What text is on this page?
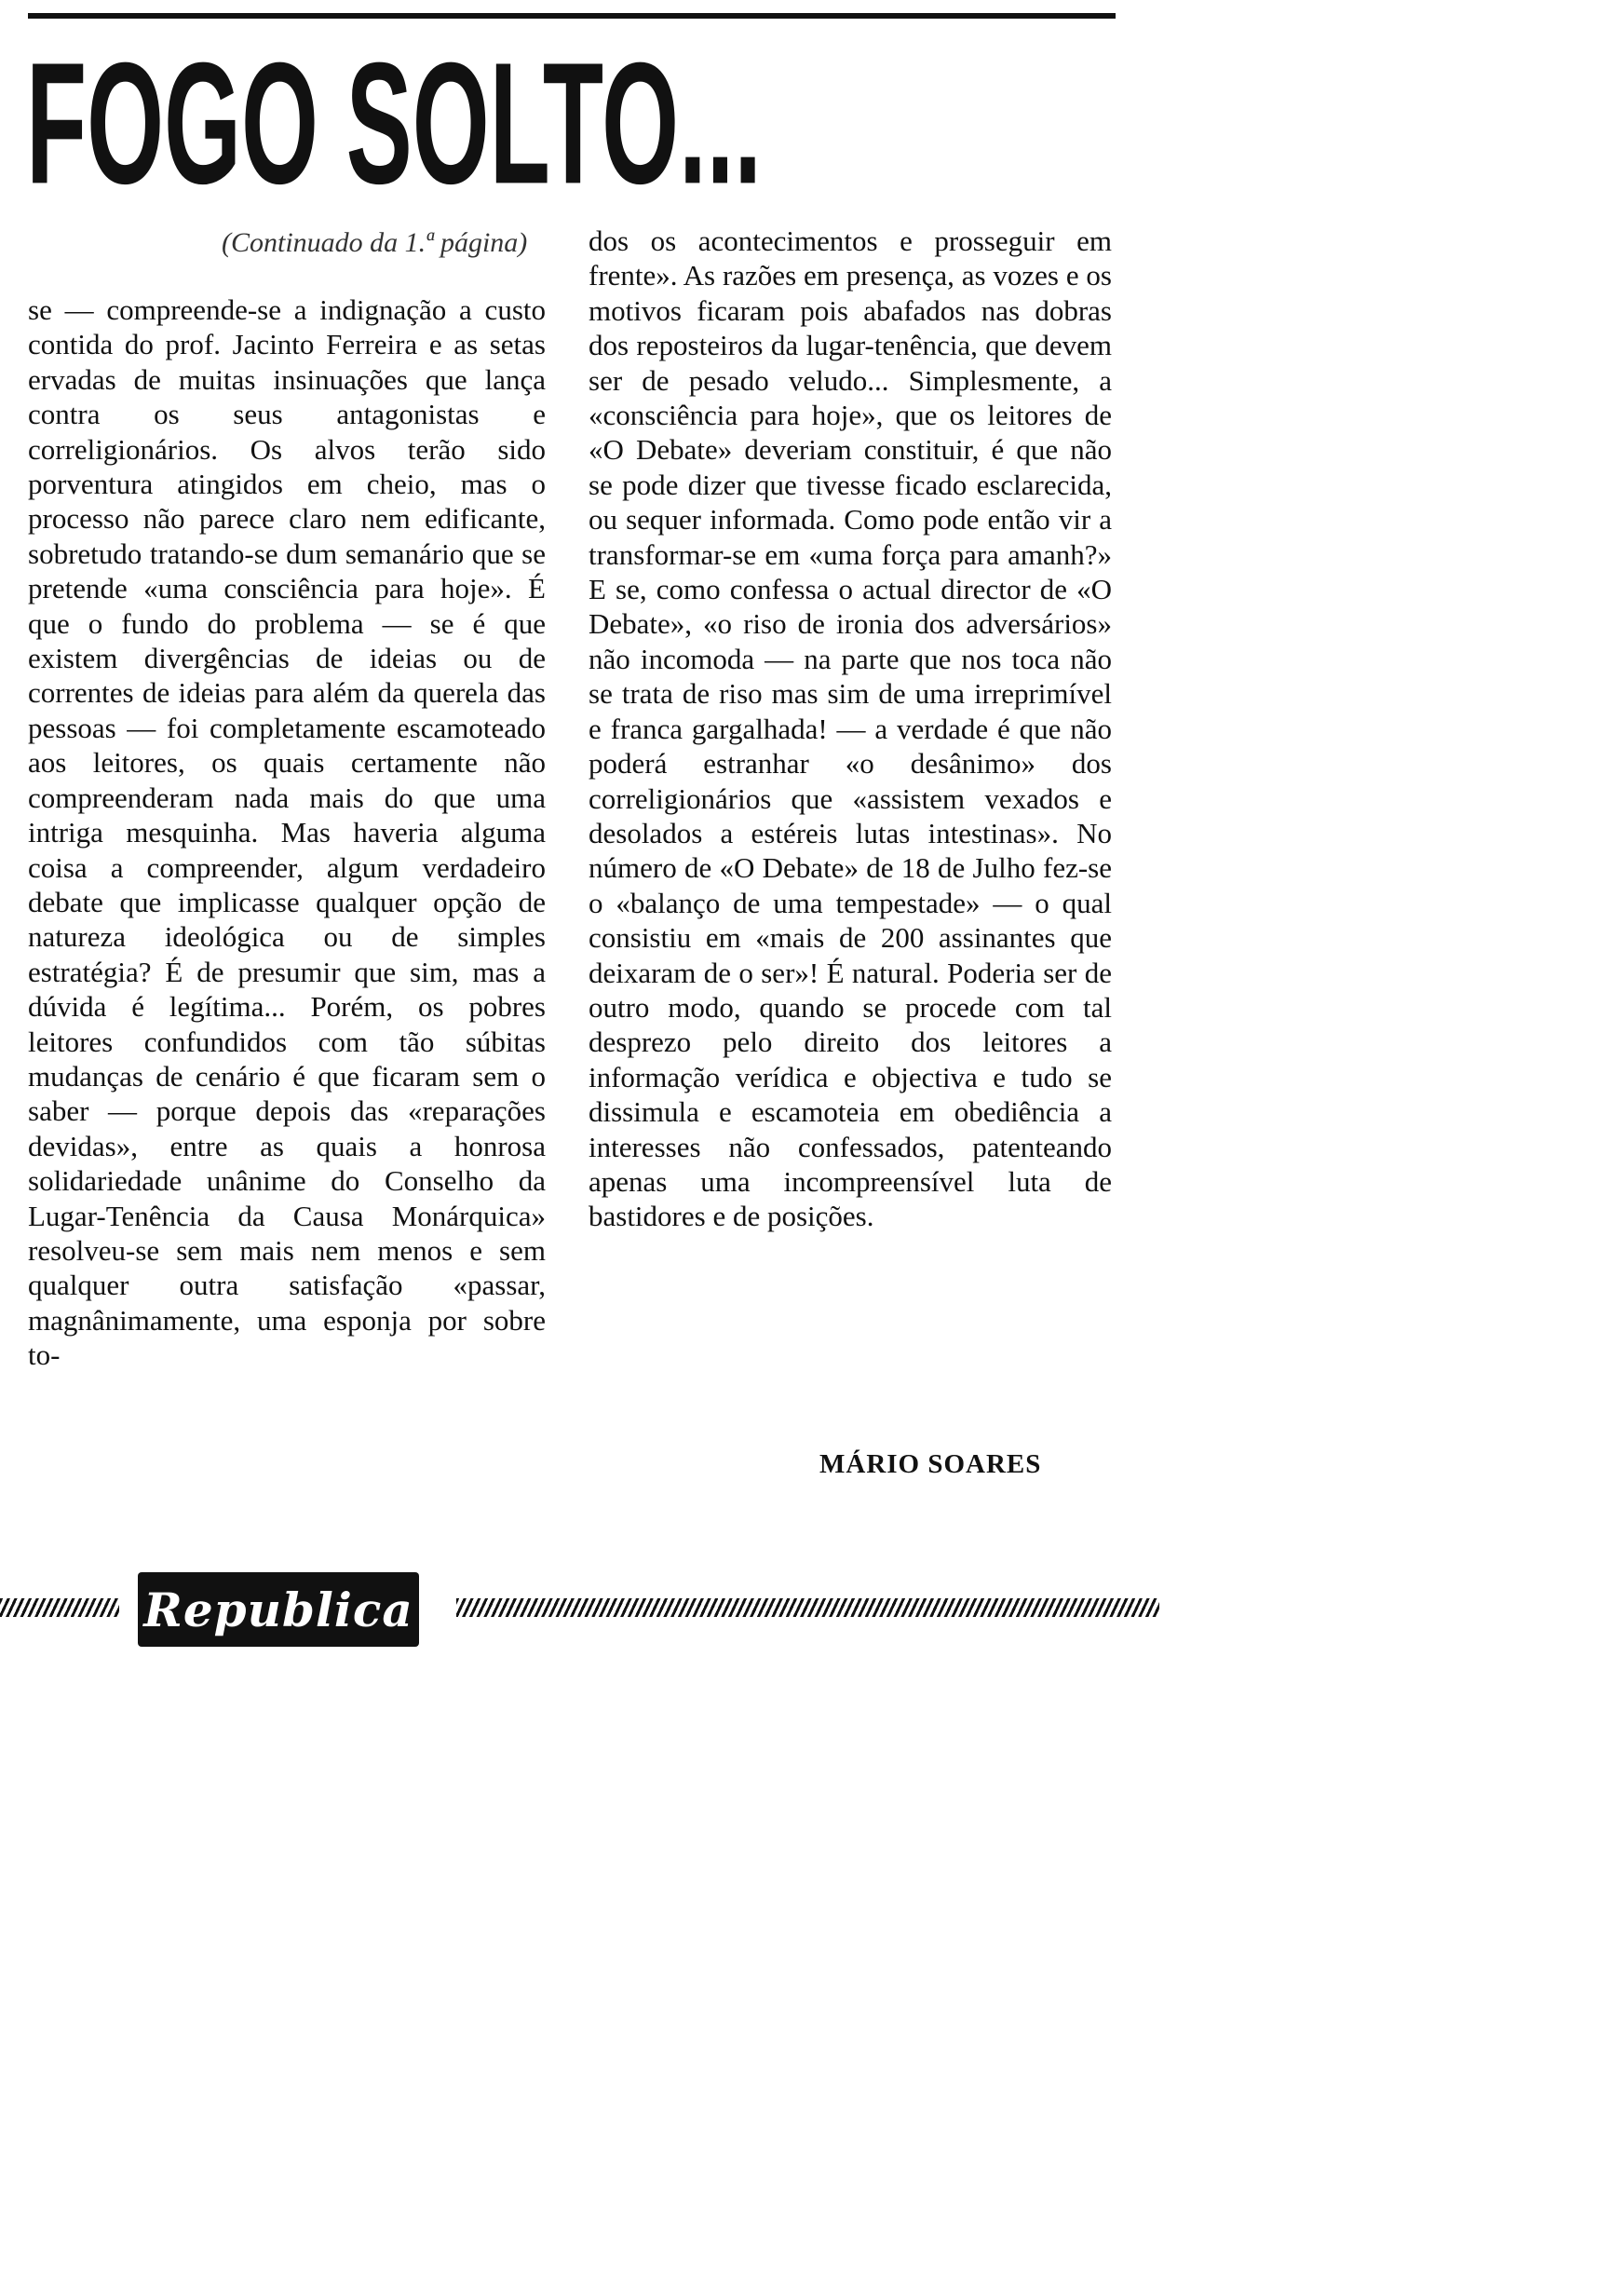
FOGO SOLTO...
(Continuado da 1.ª página)

se — compreende-se a indignação a custo contida do prof. Jacinto Ferreira e as setas ervadas de muitas insinuações que lança contra os seus antagonistas e correligionários. Os alvos terão sido porventura atingidos em cheio, mas o processo não parece claro nem edificante, sobretudo tratando-se dum semanário que se pretende «uma consciência para hoje». É que o fundo do problema — se é que existem divergências de ideias ou de correntes de ideias para além da querela das pessoas — foi completamente escamoteado aos leitores, os quais certamente não compreenderam nada mais do que uma intriga mesquinha. Mas haveria alguma coisa a compreender, algum verdadeiro debate que implicasse qualquer opção de natureza ideológica ou de simples estratégia? É de presumir que sim, mas a dúvida é legítima... Porém, os pobres leitores confundidos com tão súbitas mudanças de cenário é que ficaram sem o saber — porque depois das «reparações devidas», entre as quais a honrosa solidariedade unânime do Conselho da Lugar-Tenência da Causa Monárquica» resolveu-se sem mais nem menos e sem qualquer outra satisfação «passar, magnânimamente, uma esponja por sobre to-

dos os acontecimentos e prosseguir em frente». As razões em presença, as vozes e os motivos ficaram pois abafados nas dobras dos reposteiros da lugar-tenência, que devem ser de pesado veludo... Simplesmente, a «consciência para hoje», que os leitores de «O Debate» deveriam constituir, é que não se pode dizer que tivesse ficado esclarecida, ou sequer informada. Como pode então vir a transformar-se em «uma força para amanh?» E se, como confessa o actual director de «O Debate», «o riso de ironia dos adversários» não incomoda — na parte que nos toca não se trata de riso mas sim de uma irreprimível e franca gargalhada! — a verdade é que não poderá estranhar «o desânimo» dos correligionários que «assistem vexados e desolados a estéreis lutas intestinas». No número de «O Debate» de 18 de Julho fez-se o «balanço de uma tempestade» — o qual consistiu em «mais de 200 assinantes que deixaram de o ser»! É natural. Poderia ser de outro modo, quando se procede com tal desprezo pelo direito dos leitores a informação verídica e objectiva e tudo se dissimula e escamoteia em obediência a interesses não confessados, patenteando apenas uma incompreensível luta de bastidores e de posições.

MÁRIO SOARES
Republica
